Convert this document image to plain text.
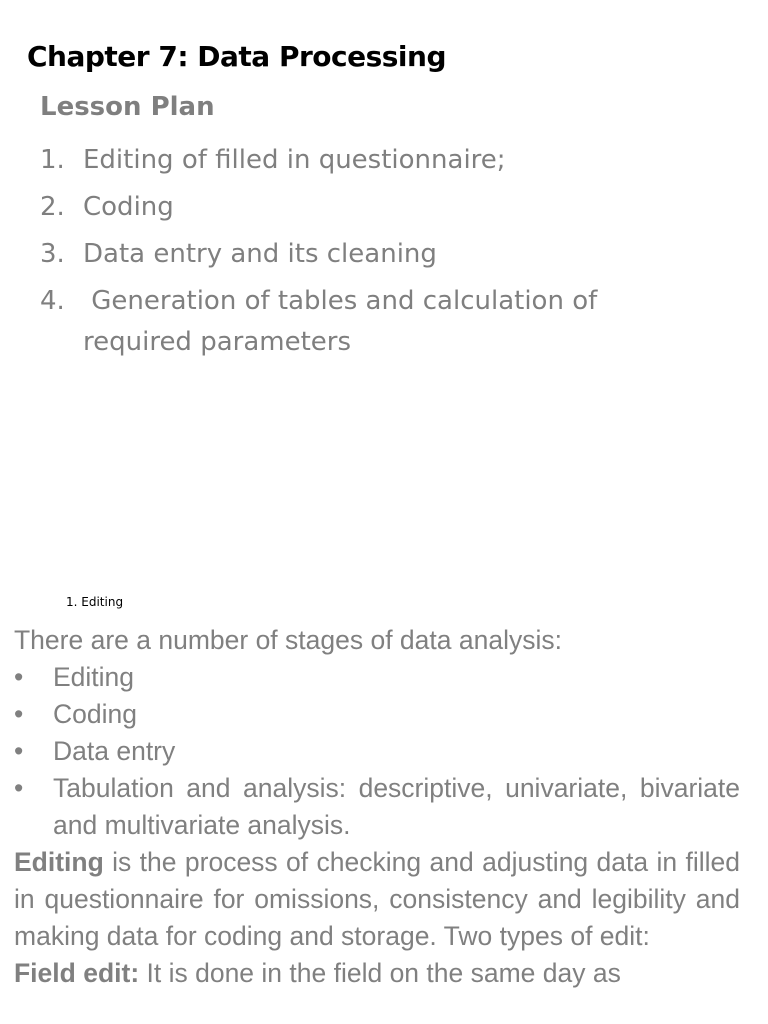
Chapter 7: Data Processing
Lesson Plan
1. Editing of filled in questionnaire;
2. Coding
3. Data entry and its cleaning
4. Generation of tables and calculation of required parameters
1. Editing
There are a number of stages of data analysis:
• Editing
• Coding
• Data entry
• Tabulation and analysis: descriptive, univariate, bivariate and multivariate analysis.

Editing is the process of checking and adjusting data in filled in questionnaire for omissions, consistency and legibility and making data for coding and storage. Two types of edit:

Field edit: It is done in the field on the same day as
